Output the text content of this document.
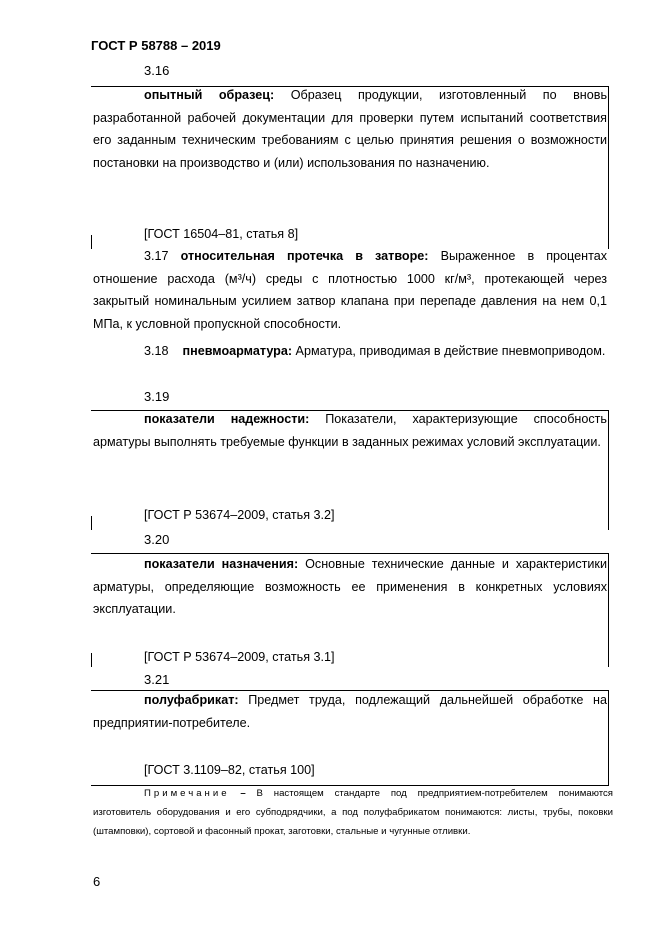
ГОСТ Р 58788 – 2019
3.16
опытный образец: Образец продукции, изготовленный по вновь разработанной рабочей документации для проверки путем испытаний соответствия его заданным техническим требованиям с целью принятия решения о возможности постановки на производство и (или) использования по назначению.
[ГОСТ 16504–81, статья 8]
3.17 относительная протечка в затворе: Выраженное в процентах отношение расхода (м³/ч) среды с плотностью 1000 кг/м³, протекающей через закрытый номинальным усилием затвор клапана при перепаде давления на нем 0,1 МПа, к условной пропускной способности.
3.18 пневмоарматура: Арматура, приводимая в действие пневмоприводом.
3.19
показатели надежности: Показатели, характеризующие способность арматуры выполнять требуемые функции в заданных режимах условий эксплуатации.
[ГОСТ Р 53674–2009, статья 3.2]
3.20
показатели назначения: Основные технические данные и характеристики арматуры, определяющие возможность ее применения в конкретных условиях эксплуатации.
[ГОСТ Р 53674–2009, статья 3.1]
3.21
полуфабрикат: Предмет труда, подлежащий дальнейшей обработке на предприятии-потребителе.
[ГОСТ 3.1109–82, статья 100]
Примечание – В настоящем стандарте под предприятием-потребителем понимаются изготовитель оборудования и его субподрядчики, а под полуфабрикатом понимаются: листы, трубы, поковки (штамповки), сортовой и фасонный прокат, заготовки, стальные и чугунные отливки.
6
